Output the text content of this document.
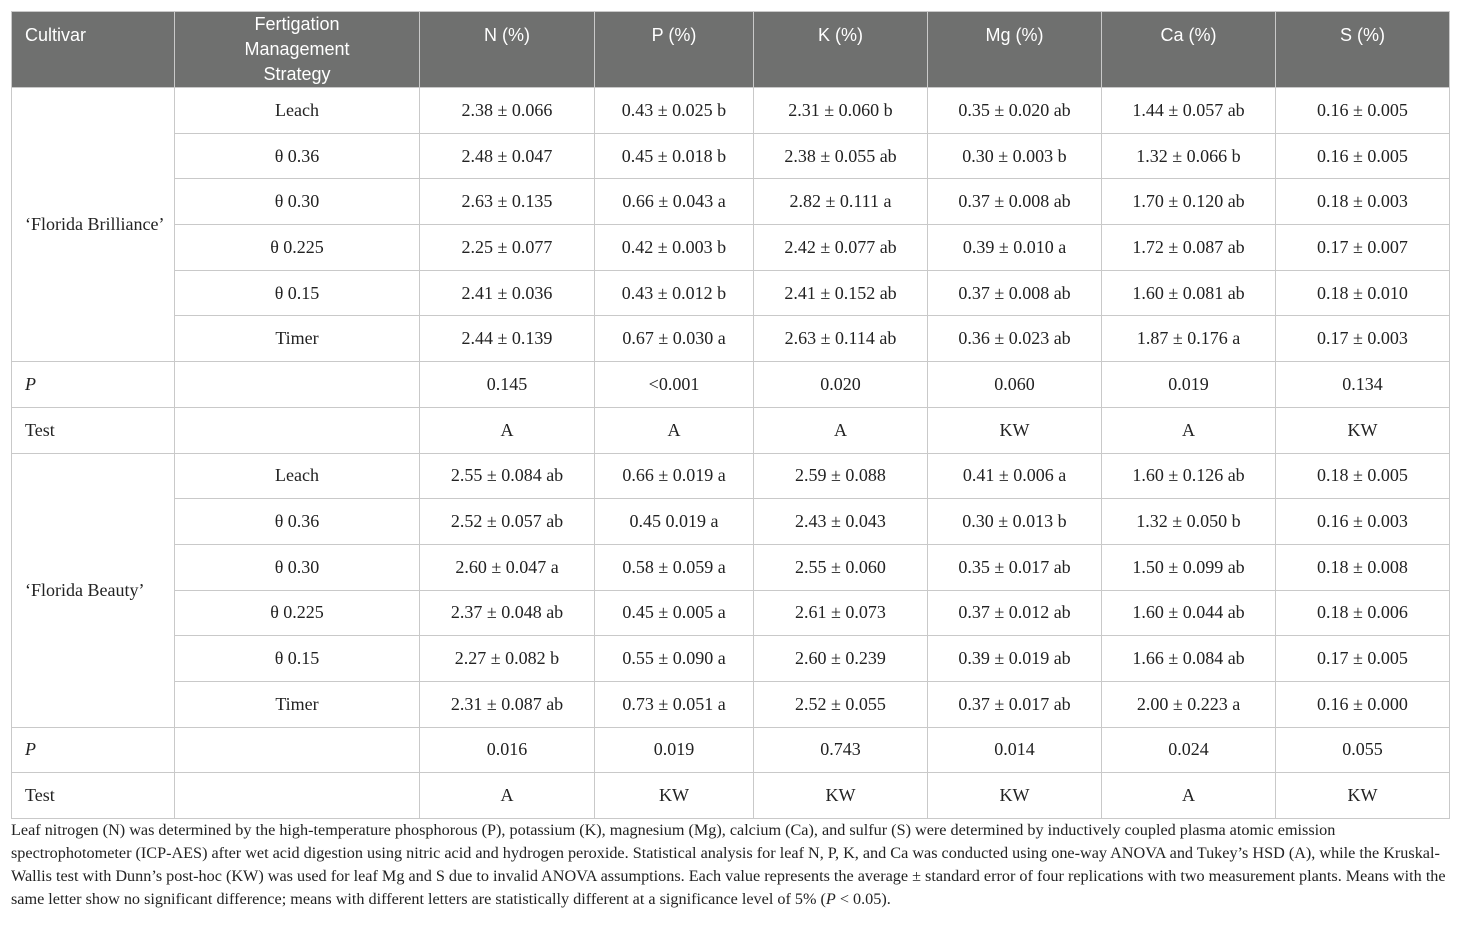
Cultivar	Fertigation Management Strategy	N (%)	P (%)	K (%)	Mg (%)	Ca (%)	S (%)
‘Florida Brilliance’	Leach	2.38 ± 0.066	0.43 ± 0.025 b	2.31 ± 0.060 b	0.35 ± 0.020 ab	1.44 ± 0.057 ab	0.16 ± 0.005
	θ 0.36	2.48 ± 0.047	0.45 ± 0.018 b	2.38 ± 0.055 ab	0.30 ± 0.003 b	1.32 ± 0.066 b	0.16 ± 0.005
	θ 0.30	2.63 ± 0.135	0.66 ± 0.043 a	2.82 ± 0.111 a	0.37 ± 0.008 ab	1.70 ± 0.120 ab	0.18 ± 0.003
	θ 0.225	2.25 ± 0.077	0.42 ± 0.003 b	2.42 ± 0.077 ab	0.39 ± 0.010 a	1.72 ± 0.087 ab	0.17 ± 0.007
	θ 0.15	2.41 ± 0.036	0.43 ± 0.012 b	2.41 ± 0.152 ab	0.37 ± 0.008 ab	1.60 ± 0.081 ab	0.18 ± 0.010
	Timer	2.44 ± 0.139	0.67 ± 0.030 a	2.63 ± 0.114 ab	0.36 ± 0.023 ab	1.87 ± 0.176 a	0.17 ± 0.003
P		0.145	<0.001	0.020	0.060	0.019	0.134
Test		A	A	A	KW	A	KW
‘Florida Beauty’	Leach	2.55 ± 0.084 ab	0.66 ± 0.019 a	2.59 ± 0.088	0.41 ± 0.006 a	1.60 ± 0.126 ab	0.18 ± 0.005
	θ 0.36	2.52 ± 0.057 ab	0.45 0.019 a	2.43 ± 0.043	0.30 ± 0.013 b	1.32 ± 0.050 b	0.16 ± 0.003
	θ 0.30	2.60 ± 0.047 a	0.58 ± 0.059 a	2.55 ± 0.060	0.35 ± 0.017 ab	1.50 ± 0.099 ab	0.18 ± 0.008
	θ 0.225	2.37 ± 0.048 ab	0.45 ± 0.005 a	2.61 ± 0.073	0.37 ± 0.012 ab	1.60 ± 0.044 ab	0.18 ± 0.006
	θ 0.15	2.27 ± 0.082 b	0.55 ± 0.090 a	2.60 ± 0.239	0.39 ± 0.019 ab	1.66 ± 0.084 ab	0.17 ± 0.005
	Timer	2.31 ± 0.087 ab	0.73 ± 0.051 a	2.52 ± 0.055	0.37 ± 0.017 ab	2.00 ± 0.223 a	0.16 ± 0.000
P		0.016	0.019	0.743	0.014	0.024	0.055
Test		A	KW	KW	KW	A	KW
Leaf nitrogen (N) was determined by the high-temperature phosphorous (P), potassium (K), magnesium (Mg), calcium (Ca), and sulfur (S) were determined by inductively coupled plasma atomic emission spectrophotometer (ICP-AES) after wet acid digestion using nitric acid and hydrogen peroxide. Statistical analysis for leaf N, P, K, and Ca was conducted using one-way ANOVA and Tukey’s HSD (A), while the Kruskal-Wallis test with Dunn’s post-hoc (KW) was used for leaf Mg and S due to invalid ANOVA assumptions. Each value represents the average ± standard error of four replications with two measurement plants. Means with the same letter show no significant difference; means with different letters are statistically different at a significance level of 5% (P < 0.05).
